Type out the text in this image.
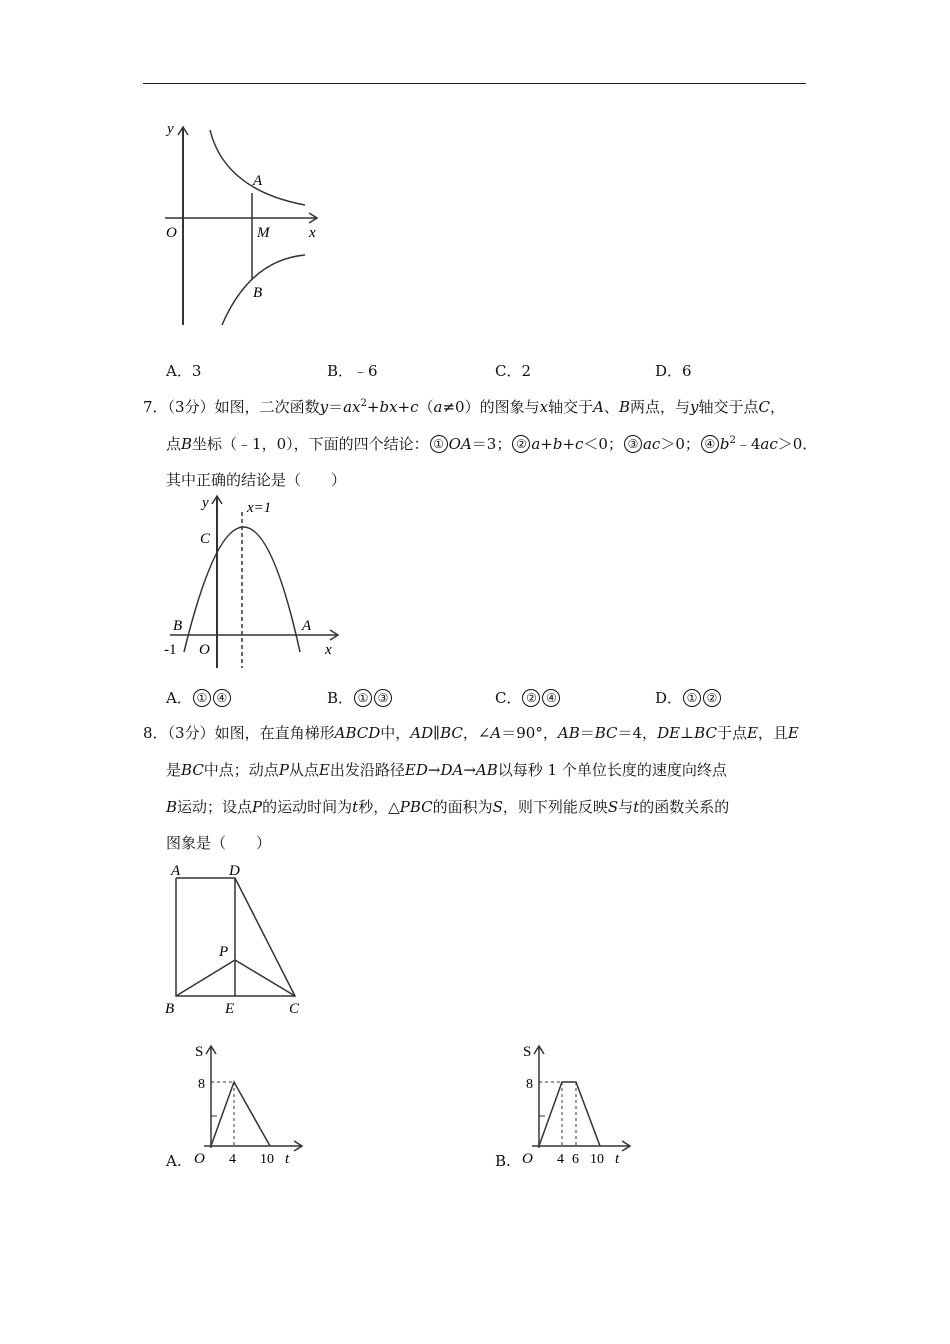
y
x
O
A
M
B
A．3	B．﹣6	C．2	D．6
7．（3分）如图，二次函数$y=ax^2+bx+c(a\ne 0)$的图象与x轴交于A、B两点，与y轴交于点C，
点B坐标（﹣1，0），下面的四个结论： ① OA＝3； ② a+b+c＜0； ③ ac＞0； ④ $b^2﹣4ac>0$．
其中正确的结论是（　　）
y	x=1
C
B	A
-1 O	x
A． ① ④	B． ① ③	C． ② ④	D． ① ②
8．（3分）如图，在直角梯形ABCD中，AD∥BC，∠A＝90°，AB＝BC＝4，DE⊥BC于点E，且E
是BC中点；动点P从点E出发沿路径ED→DA→AB以每秒 1 个单位长度的速度向终点
B运动；设点P的运动时间为t秒，△PBC的面积为S，则下列能反映S与t的函数关系的
图象是（　　）
A	D
P
B	E	C
A.
S
8
O 4 10 t	B.
S
8
O 4 6 10 t
